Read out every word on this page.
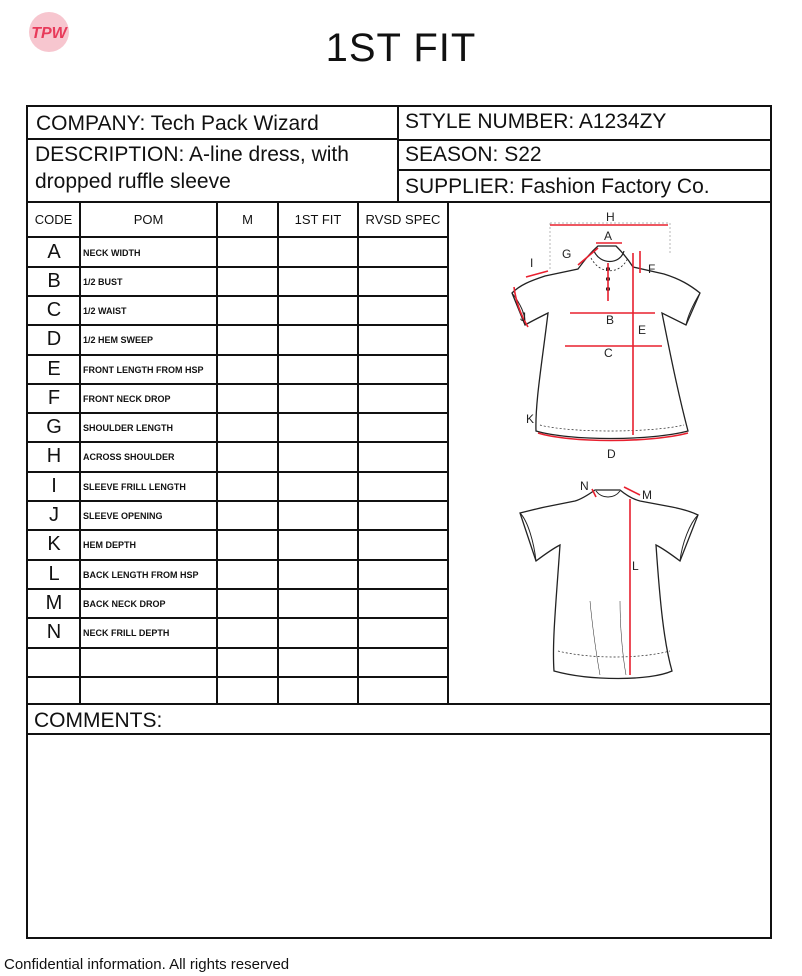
TPW	1ST FIT
COMPANY: Tech Pack Wizard	STYLE NUMBER: A1234ZY
DESCRIPTION: A-line dress, with dropped ruffle sleeve
SEASON: S22
SUPPLIER: Fashion Factory Co.
CODE	POM	M	1ST FIT	RVSD SPEC
A	NECK WIDTH
B	1/2 BUST
C	1/2 WAIST
D	1/2 HEM SWEEP
E	FRONT LENGTH FROM HSP
F	FRONT NECK DROP
G	SHOULDER LENGTH
H	ACROSS SHOULDER
I	SLEEVE FRILL LENGTH
J	SLEEVE OPENING
K	HEM DEPTH
L	BACK LENGTH FROM HSP
M	BACK NECK DROP
N	NECK FRILL DEPTH
H
A
G
I	F
J	B
E
C
K
D
N
M
L
COMMENTS:
Confidential information. All rights reserved
